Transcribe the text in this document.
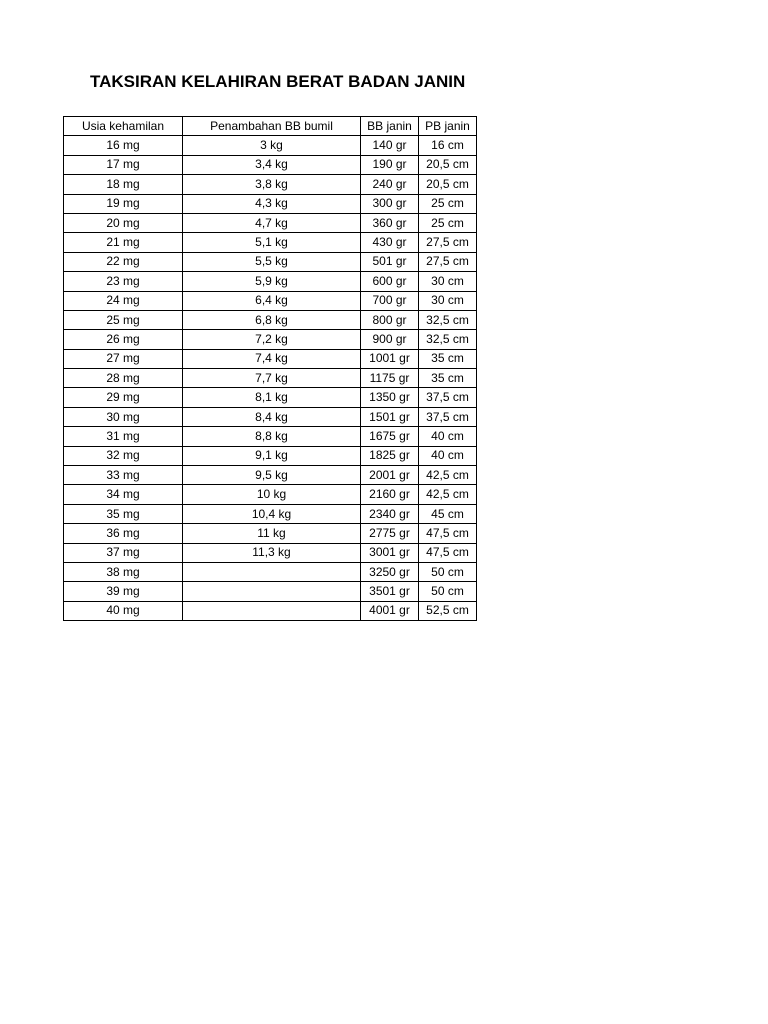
TAKSIRAN KELAHIRAN BERAT BADAN JANIN
Usia kehamilan	Penambahan BB bumil	BB janin	PB janin
16 mg	3 kg	140 gr	16 cm
17 mg	3,4 kg	190 gr	20,5 cm
18 mg	3,8 kg	240 gr	20,5 cm
19 mg	4,3 kg	300 gr	25 cm
20 mg	4,7 kg	360 gr	25 cm
21 mg	5,1 kg	430 gr	27,5 cm
22 mg	5,5 kg	501 gr	27,5 cm
23 mg	5,9 kg	600 gr	30 cm
24 mg	6,4 kg	700 gr	30 cm
25 mg	6,8 kg	800 gr	32,5 cm
26 mg	7,2 kg	900 gr	32,5 cm
27 mg	7,4 kg	1001 gr	35 cm
28 mg	7,7 kg	1175 gr	35 cm
29 mg	8,1 kg	1350 gr	37,5 cm
30 mg	8,4 kg	1501 gr	37,5 cm
31 mg	8,8 kg	1675 gr	40 cm
32 mg	9,1 kg	1825 gr	40 cm
33 mg	9,5 kg	2001 gr	42,5 cm
34 mg	10 kg	2160 gr	42,5 cm
35 mg	10,4 kg	2340 gr	45 cm
36 mg	11 kg	2775 gr	47,5 cm
37 mg	11,3 kg	3001 gr	47,5 cm
38 mg		3250 gr	50 cm
39 mg		3501 gr	50 cm
40 mg		4001 gr	52,5 cm
